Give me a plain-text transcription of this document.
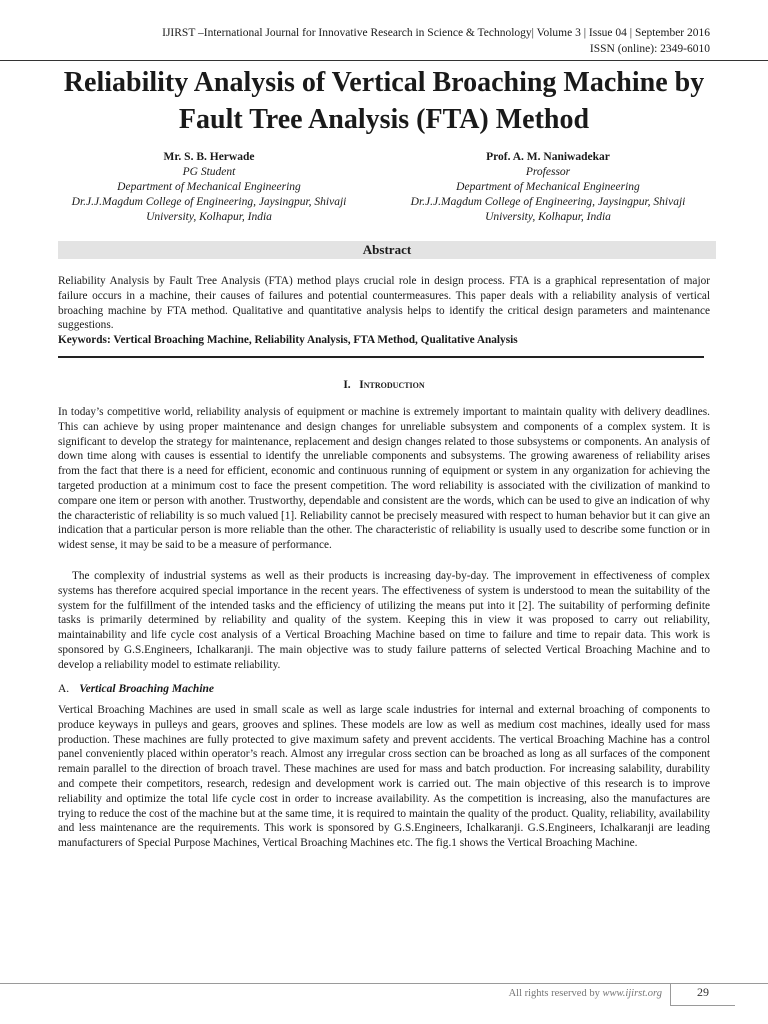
IJIRST –International Journal for Innovative Research in Science & Technology| Volume 3 | Issue 04 | September 2016
ISSN (online): 2349-6010
Reliability Analysis of Vertical Broaching Machine by Fault Tree Analysis (FTA) Method
Mr. S. B. Herwade
PG Student
Department of Mechanical Engineering
Dr.J.J.Magdum College of Engineering, Jaysingpur, Shivaji
University, Kolhapur, India
Prof. A. M. Naniwadekar
Professor
Department of Mechanical Engineering
Dr.J.J.Magdum College of Engineering, Jaysingpur, Shivaji
University, Kolhapur, India
Abstract
Reliability Analysis by Fault Tree Analysis (FTA) method plays crucial role in design process. FTA is a graphical representation of major failure occurs in a machine, their causes of failures and potential countermeasures. This paper deals with a reliability analysis of vertical broaching machine by FTA method. Qualitative and quantitative analysis helps to identify the critical design parameters and maintenance suggestions.
Keywords: Vertical Broaching Machine, Reliability Analysis, FTA Method, Qualitative Analysis
I. Introduction
In today’s competitive world, reliability analysis of equipment or machine is extremely important to maintain quality with delivery deadlines. This can achieve by using proper maintenance and design changes for unreliable subsystem and components of a complex system. It is significant to develop the strategy for maintenance, replacement and design changes related to those subsystems or components. An analysis of down time along with causes is essential to identify the unreliable components and subsystems. The growing awareness of reliability arises from the fact that there is a need for efficient, economic and continuous running of equipment or system in any organization for achieving the targeted production at a minimum cost to face the present competition. The word reliability is associated with the civilization of mankind to compare one item or person with another. Trustworthy, dependable and consistent are the words, which can be used to give an indication of why the characteristic of reliability is so much valued [1]. Reliability cannot be precisely measured with respect to human behavior but it can give an indication that a particular person is more reliable than the other. The characteristic of reliability is usually used to describe some function or in widest sense, it may be said to be a measure of performance.
The complexity of industrial systems as well as their products is increasing day-by-day. The improvement in effectiveness of complex systems has therefore acquired special importance in the recent years. The effectiveness of system is understood to mean the suitability of the system for the fulfillment of the intended tasks and the efficiency of utilizing the means put into it [2]. The suitability of performing definite tasks is primarily determined by reliability and quality of the system. Keeping this in view it was proposed to carry out reliability, maintainability and life cycle cost analysis of a Vertical Broaching Machine based on time to failure and time to repair data. This work is sponsored by G.S.Engineers, Ichalkaranji. The main objective was to study failure patterns of selected Vertical Broaching Machine and to develop a reliability model to estimate reliability.
A. Vertical Broaching Machine
Vertical Broaching Machines are used in small scale as well as large scale industries for internal and external broaching of components to produce keyways in pulleys and gears, grooves and splines. These models are low as well as medium cost machines, ideally used for mass production. These machines are fully protected to give maximum safety and prevent accidents. The vertical Broaching Machine has a control panel conveniently placed within operator’s reach. Almost any irregular cross section can be broached as long as all surfaces of the component remain parallel to the direction of broach travel. These machines are used for mass and batch production. For increasing salability, durability and compete their competitors, research, redesign and development work is carried out. The main objective of this research is to improve reliability and optimize the total life cycle cost in order to increase availability. As the competition is increasing, also the manufactures are trying to reduce the cost of the machine but at the same time, it is required to maintain the quality of the product. Quality, reliability, availability and less maintenance are the requirements. This work is sponsored by G.S.Engineers, Ichalkaranji. G.S.Engineers, Ichalkaranji are leading manufacturers of Special Purpose Machines, Vertical Broaching Machines etc. The fig.1 shows the Vertical Broaching Machine.
All rights reserved by www.ijirst.org	29
